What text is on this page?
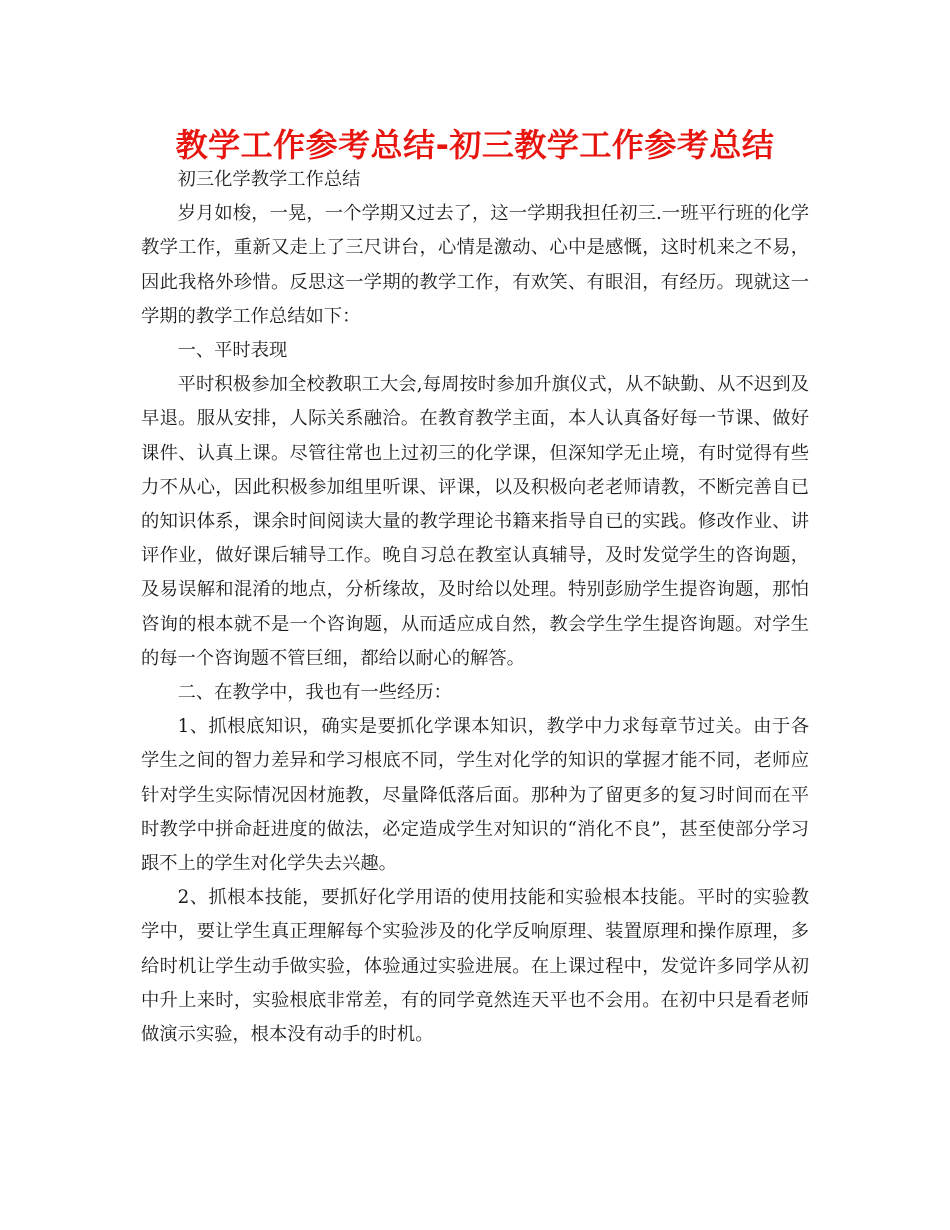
教学工作参考总结-初三教学工作参考总结

初三化学教学工作总结

岁月如梭，一晃，一个学期又过去了，这一学期我担任初三.一班平行班的化学教学工作，重新又走上了三尺讲台，心情是激动、心中是感慨，这时机来之不易，因此我格外珍惜。反思这一学期的教学工作，有欢笑、有眼泪，有经历。现就这一学期的教学工作总结如下：

一、平时表现

平时积极参加全校教职工大会,每周按时参加升旗仪式，从不缺勤、从不迟到及早退。服从安排，人际关系融洽。在教育教学主面，本人认真备好每一节课、做好课件、认真上课。尽管往常也上过初三的化学课，但深知学无止境，有时觉得有些力不从心，因此积极参加组里听课、评课，以及积极向老老师请教，不断完善自已的知识体系，课余时间阅读大量的教学理论书籍来指导自已的实践。修改作业、讲评作业，做好课后辅导工作。晚自习总在教室认真辅导，及时发觉学生的咨询题，及易误解和混淆的地点，分析缘故，及时给以处理。特别彭励学生提咨询题，那怕咨询的根本就不是一个咨询题，从而适应成自然，教会学生学生提咨询题。对学生的每一个咨询题不管巨细，都给以耐心的解答。

二、在教学中，我也有一些经历：

1、抓根底知识，确实是要抓化学课本知识，教学中力求每章节过关。由于各学生之间的智力差异和学习根底不同，学生对化学的知识的掌握才能不同，老师应针对学生实际情况因材施教，尽量降低落后面。那种为了留更多的复习时间而在平时教学中拼命赶进度的做法，必定造成学生对知识的“消化不良”，甚至使部分学习跟不上的学生对化学失去兴趣。

2、抓根本技能，要抓好化学用语的使用技能和实验根本技能。平时的实验教学中，要让学生真正理解每个实验涉及的化学反响原理、装置原理和操作原理，多给时机让学生动手做实验，体验通过实验进展。在上课过程中，发觉许多同学从初中升上来时，实验根底非常差，有的同学竟然连天平也不会用。在初中只是看老师做演示实验，根本没有动手的时机。
